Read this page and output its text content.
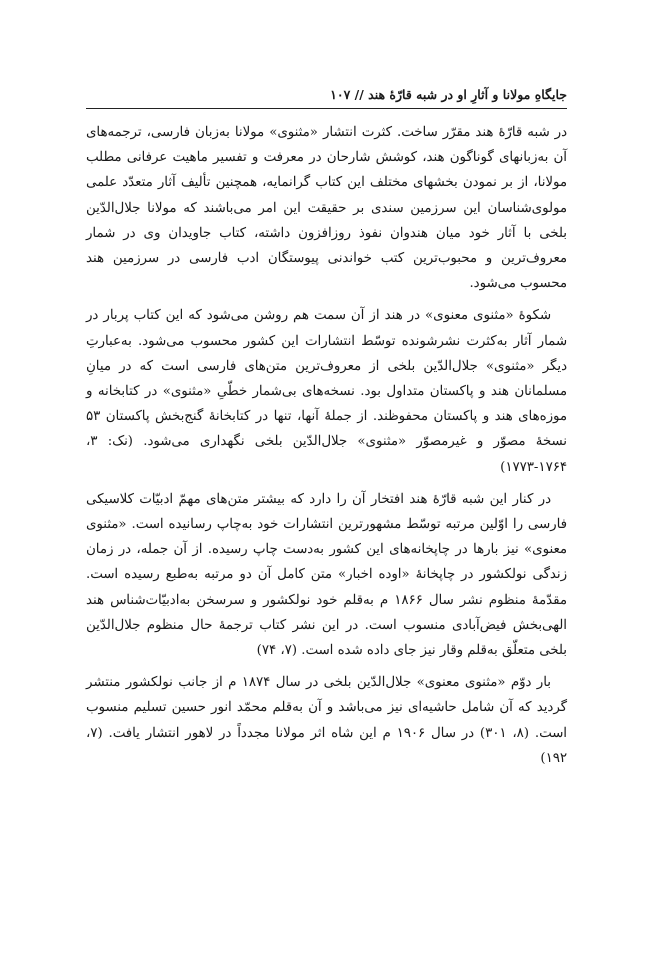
جایگاهِ مولانا و آثارِ او در شبه قارّهٔ هند // ۱۰۷

در شبه قارّهٔ هند مقرّر ساخت. کثرت انتشار «مثنوی» مولانا به‌زبان فارسی، ترجمه‌های آن به‌زبانهای گوناگون هند، کوشش شارحان در معرفت و تفسیر ماهیت عرفانی مطلب مولانا، از بر نمودن بخشهای مختلف این کتاب گرانمایه، همچنین تألیف آثار متعدّد علمی مولوی‌شناسان این سرزمین سندی بر حقیقت این امر می‌باشند که مولانا جلال‌الدّین بلخی با آثار خود میان هندوان نفوذ روزافزون داشته، کتاب جاویدان وی در شمار معروف‌ترین و محبوب‌ترین کتب خواندنی پیوستگان ادب فارسی در سرزمین هند محسوب می‌شود.

شکوهٔ «مثنوی معنوی» در هند از آن سمت هم روشن می‌شود که این کتاب پربار در شمار آثار به‌کثرت نشرشونده توسّط انتشارات این کشور محسوب می‌شود. به‌عبارتِ دیگر «مثنوی» جلال‌الدّین بلخی از معروف‌ترین متن‌های فارسی است که در میانِ مسلمانان هند و پاکستان متداول بود. نسخه‌های بی‌شمار خطّیِ «مثنوی» در کتابخانه و موزه‌های هند و پاکستان محفوظند. از جملهٔ آنها، تنها در کتابخانهٔ گنج‌بخش پاکستان ۵۳ نسخهٔ مصوّر و غیرمصوّر «مثنوی» جلال‌الدّین بلخی نگهداری می‌شود. (نک: ۳، ۱۷۶۴-۱۷۷۳)

در کنار این شبه قارّهٔ هند افتخار آن را دارد که بیشتر متن‌های مهمّ ادبیّات کلاسیکی فارسی را اوّلین مرتبه توسّط مشهورترین انتشارات خود به‌چاپ رسانیده است. «مثنوی معنوی» نیز بارها در چاپخانه‌های این کشور به‌دست چاپ رسیده. از آن جمله، در زمان زندگی نولکشور در چاپخانهٔ «اوده اخبار» متن کامل آن دو مرتبه به‌طبع رسیده است. مقدّمهٔ منظوم نشر سال ۱۸۶۶ م به‌قلم خود نولکشور و سرسخن به‌ادبیّات‌شناس هند الهی‌بخش فیض‌آبادی منسوب است. در این نشر کتاب ترجمهٔ حال منظوم جلال‌الدّین بلخی متعلّق به‌قلم وقار نیز جای داده شده است. (۷، ۷۴)

بار دوّم «مثنوی معنوی» جلال‌الدّین بلخی در سال ۱۸۷۴ م از جانب نولکشور منتشر گردید که آن شامل حاشیه‌ای نیز می‌باشد و آن به‌قلم محمّد انور حسین تسلیم منسوب است. (۸، ۳۰۱) در سال ۱۹۰۶ م این شاه اثر مولانا مجدداً در لاهور انتشار یافت. (۷، ۱۹۲)
